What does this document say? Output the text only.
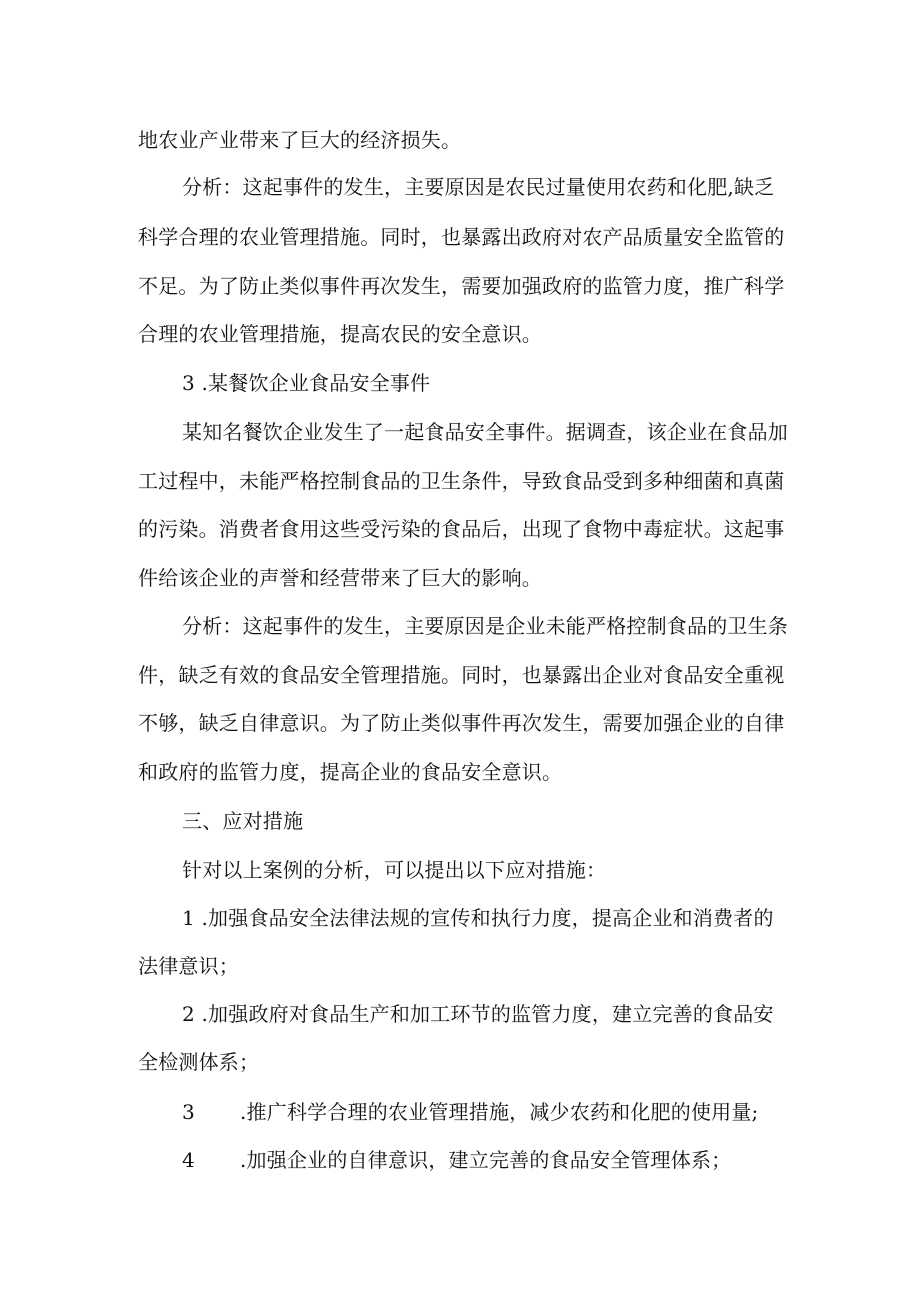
地农业产业带来了巨大的经济损失。
分析：这起事件的发生，主要原因是农民过量使用农药和化肥,缺乏
科学合理的农业管理措施。同时，也暴露出政府对农产品质量安全监管的
不足。为了防止类似事件再次发生，需要加强政府的监管力度，推广科学
合理的农业管理措施，提高农民的安全意识。
3 .某餐饮企业食品安全事件
某知名餐饮企业发生了一起食品安全事件。据调查，该企业在食品加
工过程中，未能严格控制食品的卫生条件，导致食品受到多种细菌和真菌
的污染。消费者食用这些受污染的食品后，出现了食物中毒症状。这起事
件给该企业的声誉和经营带来了巨大的影响。
分析：这起事件的发生，主要原因是企业未能严格控制食品的卫生条
件，缺乏有效的食品安全管理措施。同时，也暴露出企业对食品安全重视
不够，缺乏自律意识。为了防止类似事件再次发生，需要加强企业的自律
和政府的监管力度，提高企业的食品安全意识。
三、应对措施
针对以上案例的分析，可以提出以下应对措施：
1 .加强食品安全法律法规的宣传和执行力度，提高企业和消费者的
法律意识；
2 .加强政府对食品生产和加工环节的监管力度，建立完善的食品安
全检测体系；
3 .推广科学合理的农业管理措施，减少农药和化肥的使用量;
4 .加强企业的自律意识，建立完善的食品安全管理体系；
